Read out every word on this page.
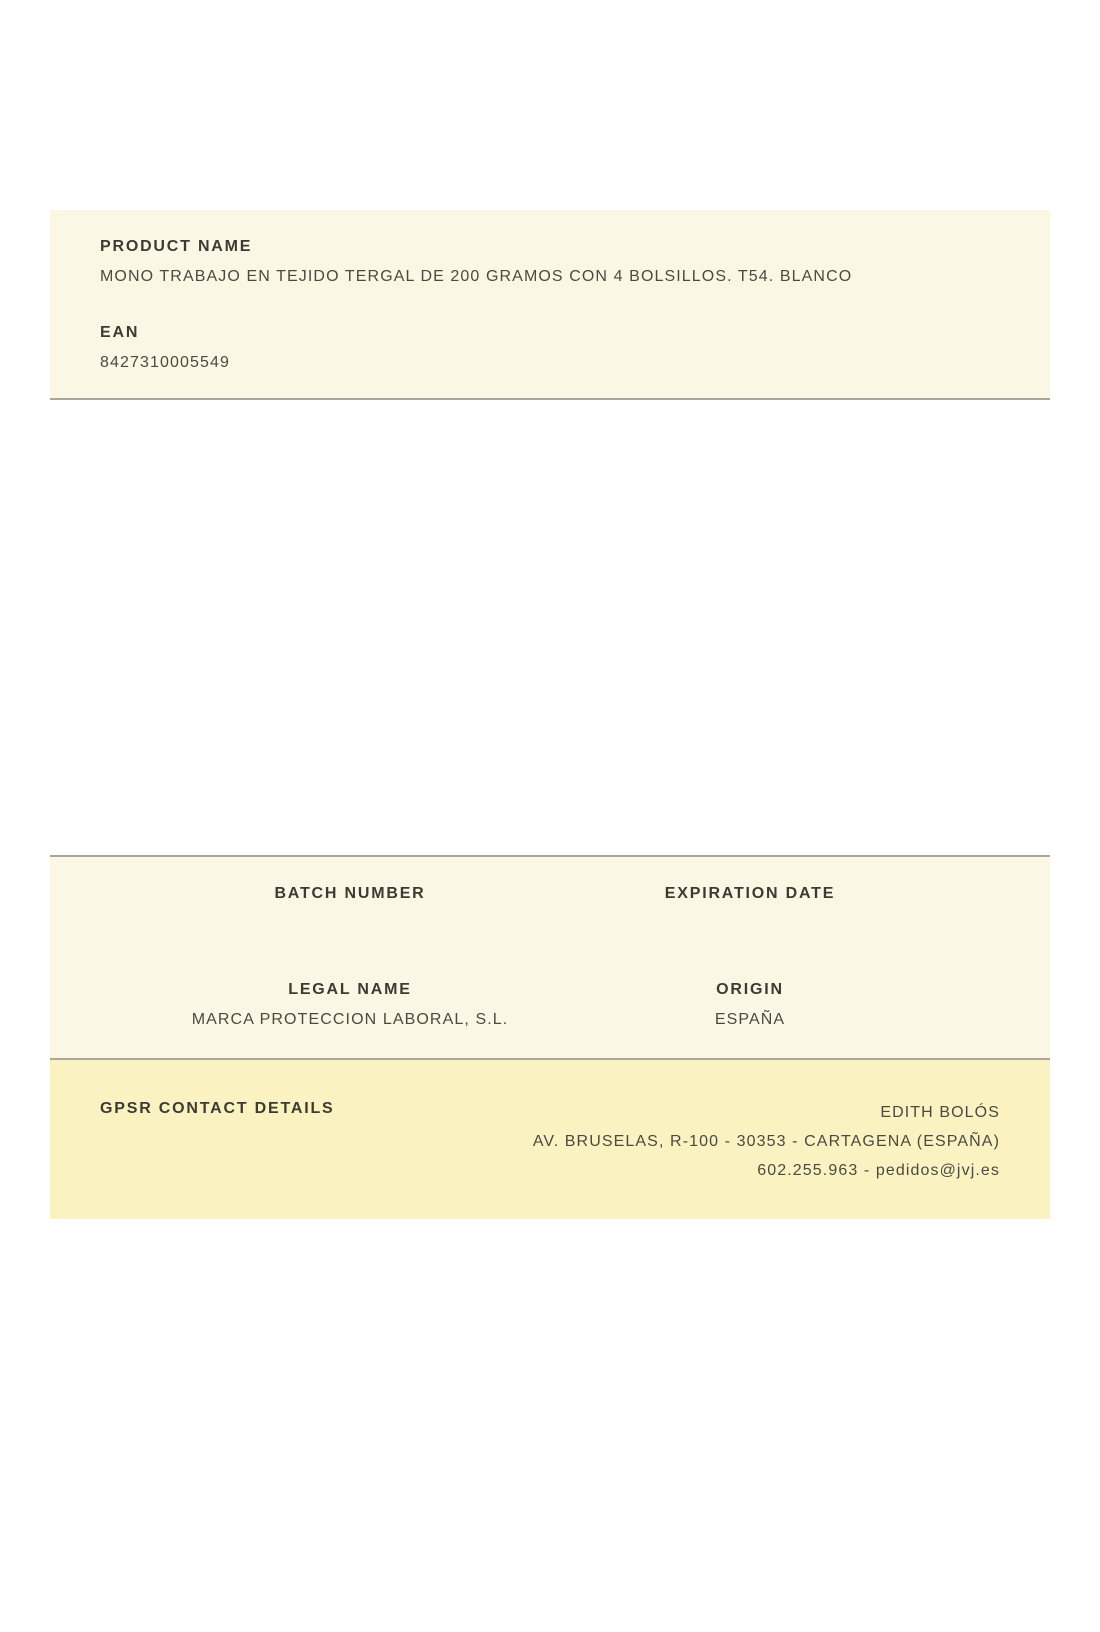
PRODUCT NAME
MONO TRABAJO EN TEJIDO TERGAL DE 200 GRAMOS CON 4 BOLSILLOS. T54. BLANCO
EAN
8427310005549
BATCH NUMBER	EXPIRATION DATE
LEGAL NAME
MARCA PROTECCION LABORAL, S.L.
ORIGIN
ESPAÑA
GPSR CONTACT DETAILS	EDITH BOLÓS
AV. BRUSELAS, R-100 - 30353 - CARTAGENA (ESPAÑA)
602.255.963 - pedidos@jvj.es
